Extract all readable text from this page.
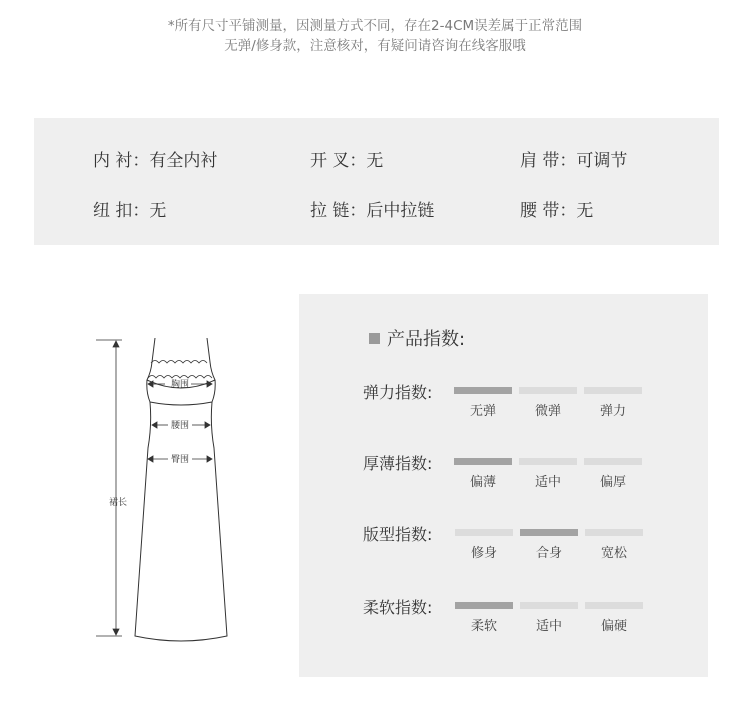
*所有尺寸平铺测量，因测量方式不同，存在2-4CM误差属于正常范围
无弹/修身款，注意核对，有疑问请咨询在线客服哦
内 衬：有全内衬	开 叉：无	肩 带：可调节
纽 扣：无	拉 链：后中拉链	腰 带：无
胸围
腰围
臀围
裙长
产品指数:
弹力指数:
无弹	微弹	弹力
厚薄指数:
偏薄	适中	偏厚
版型指数:
修身	合身	宽松
柔软指数:
柔软	适中	偏硬
